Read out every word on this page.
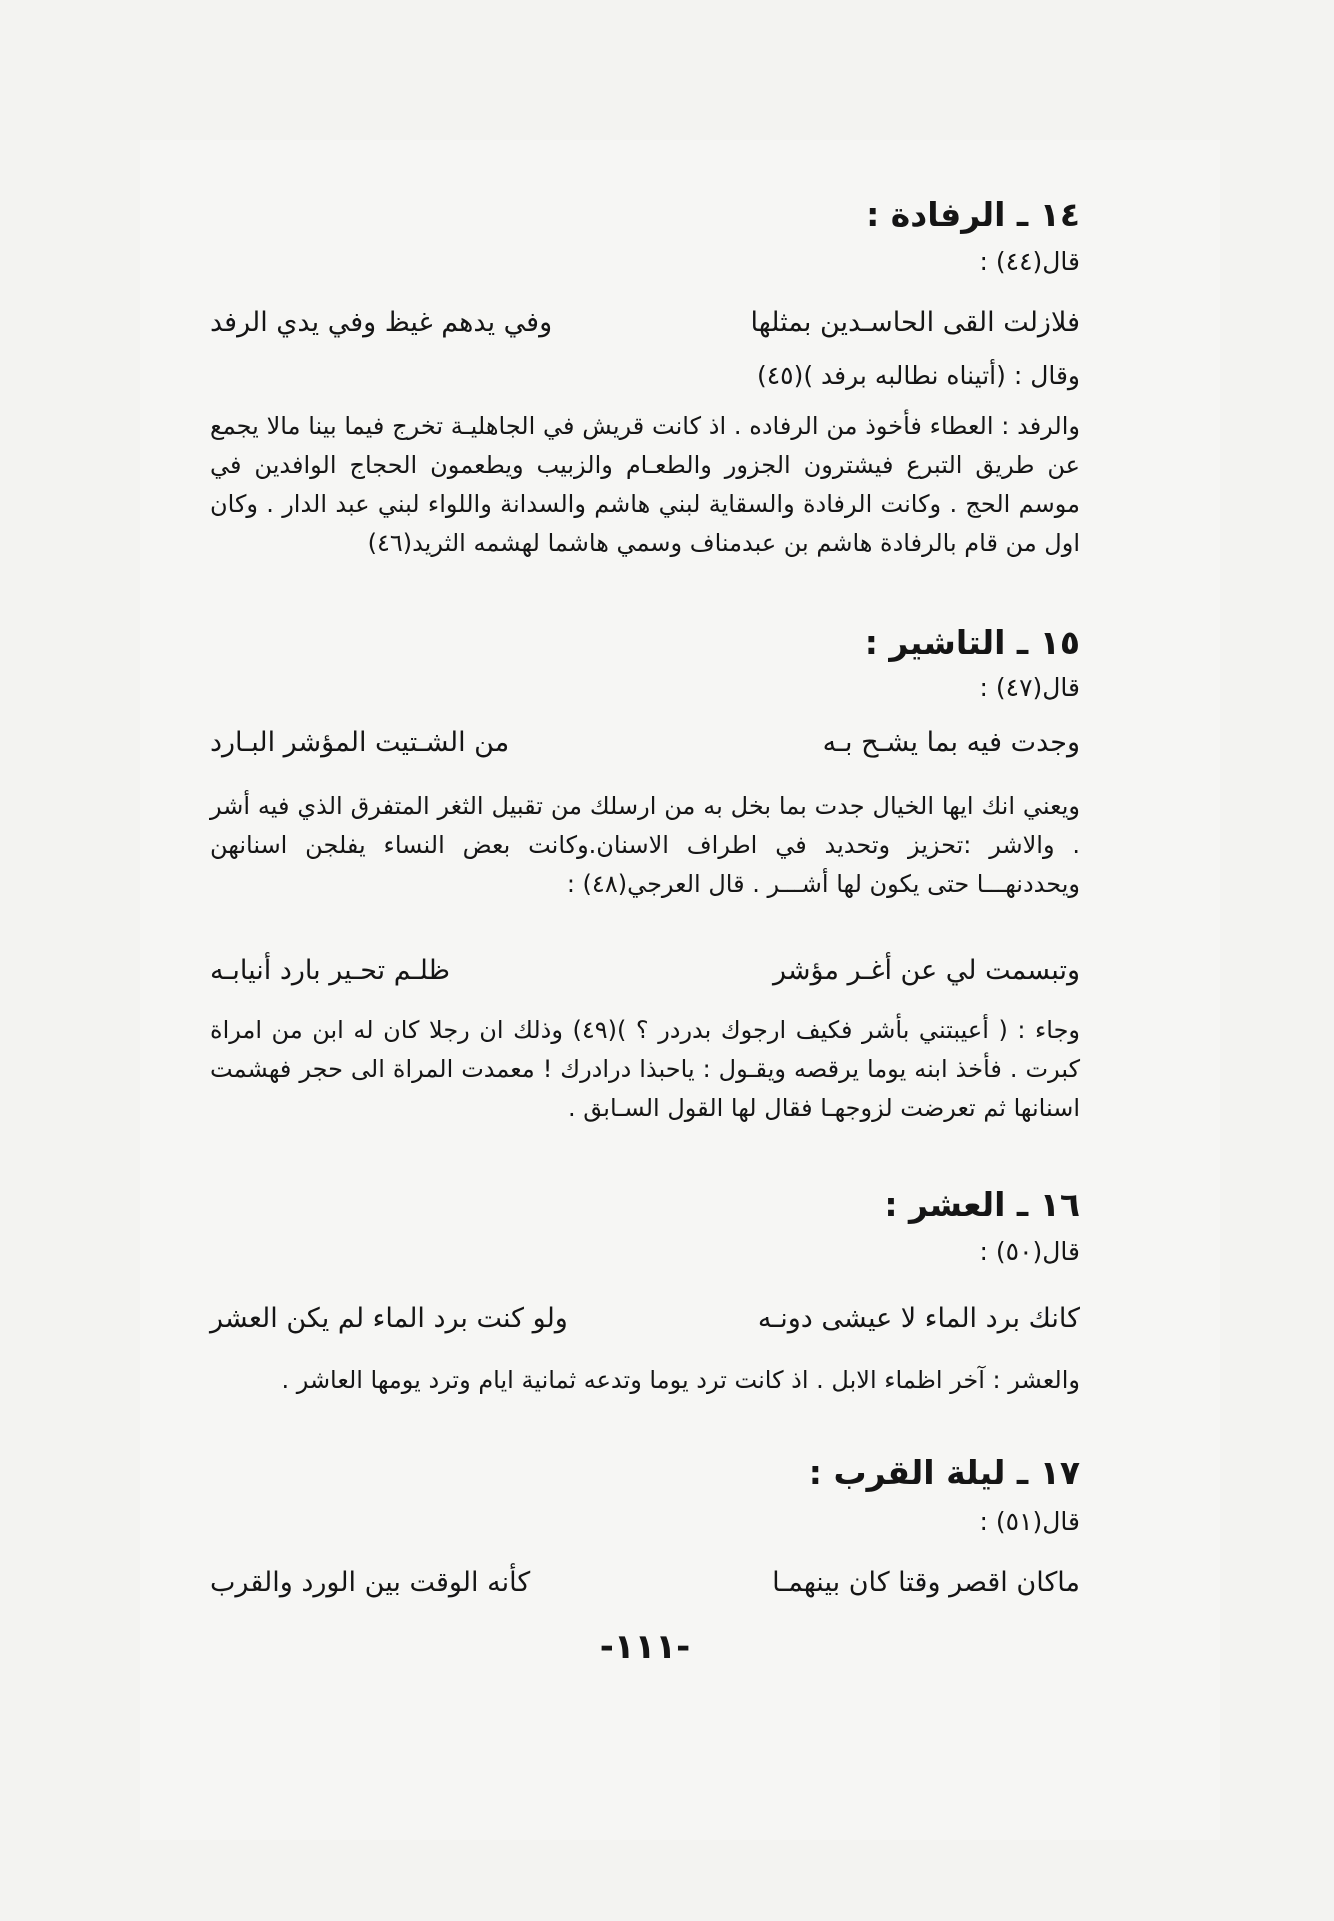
١٤ ـ الرفادة :
قال(٤٤) :
فلازلت القى الحاسـدين بمثلها
وفي يدهم غيظ وفي يدي الرفد
وقال : (أتيناه نطالبه برفد )(٤٥)
والرفد : العطاء فأخوذ من الرفاده . اذ كانت قريش في الجاهليـة تخرج فيما بينا مالا يجمع عن طريق التبرع فيشترون الجزور والطعـام والزبيب ويطعمون الحجاج الوافدين في موسم الحج . وكانت الرفادة والسقاية لبني هاشم والسدانة واللواء لبني عبد الدار . وكان اول من قام بالرفادة هاشم بن عبدمناف وسمي هاشما لهشمه الثريد(٤٦)
١٥ ـ التاشير :
قال(٤٧) :
وجدت فيه بما يشـح بـه
من الشـتيت المؤشر البـارد
ويعني انك ايها الخيال جدت بما بخل به من ارسلك من تقبيل الثغر المتفرق الذي فيه أشر . والاشر :تحزيز وتحديد في اطراف الاسنان.وكانت بعض النساء يفلجن اسنانهن ويحددنهـــا حتى يكون لها أشـــر . قال العرجي(٤٨) :
وتبسمت لي عن أغـر مؤشر
ظلـم تحـير بارد أنيابـه
وجاء : ( أعيبتني بأشر فكيف ارجوك بدردر ؟ )(٤٩) وذلك ان رجلا كان له ابن من امراة كبرت . فأخذ ابنه يوما يرقصه ويقـول : ياحبذا درادرك ! معمدت المراة الى حجر فهشمت اسنانها ثم تعرضت لزوجهـا فقال لها القول السـابق .
١٦ ـ العشر :
قال(٥٠) :
كانك برد الماء لا عيشى دونـه
ولو كنت برد الماء لم يكن العشر
والعشر : آخر اظماء الابل . اذ كانت ترد يوما وتدعه ثمانية ايام وترد يومها العاشر .
١٧ ـ ليلة القرب :
قال(٥١) :
ماكان اقصر وقتا كان بينهمـا
كأنه الوقت بين الورد والقرب
-١١١-
